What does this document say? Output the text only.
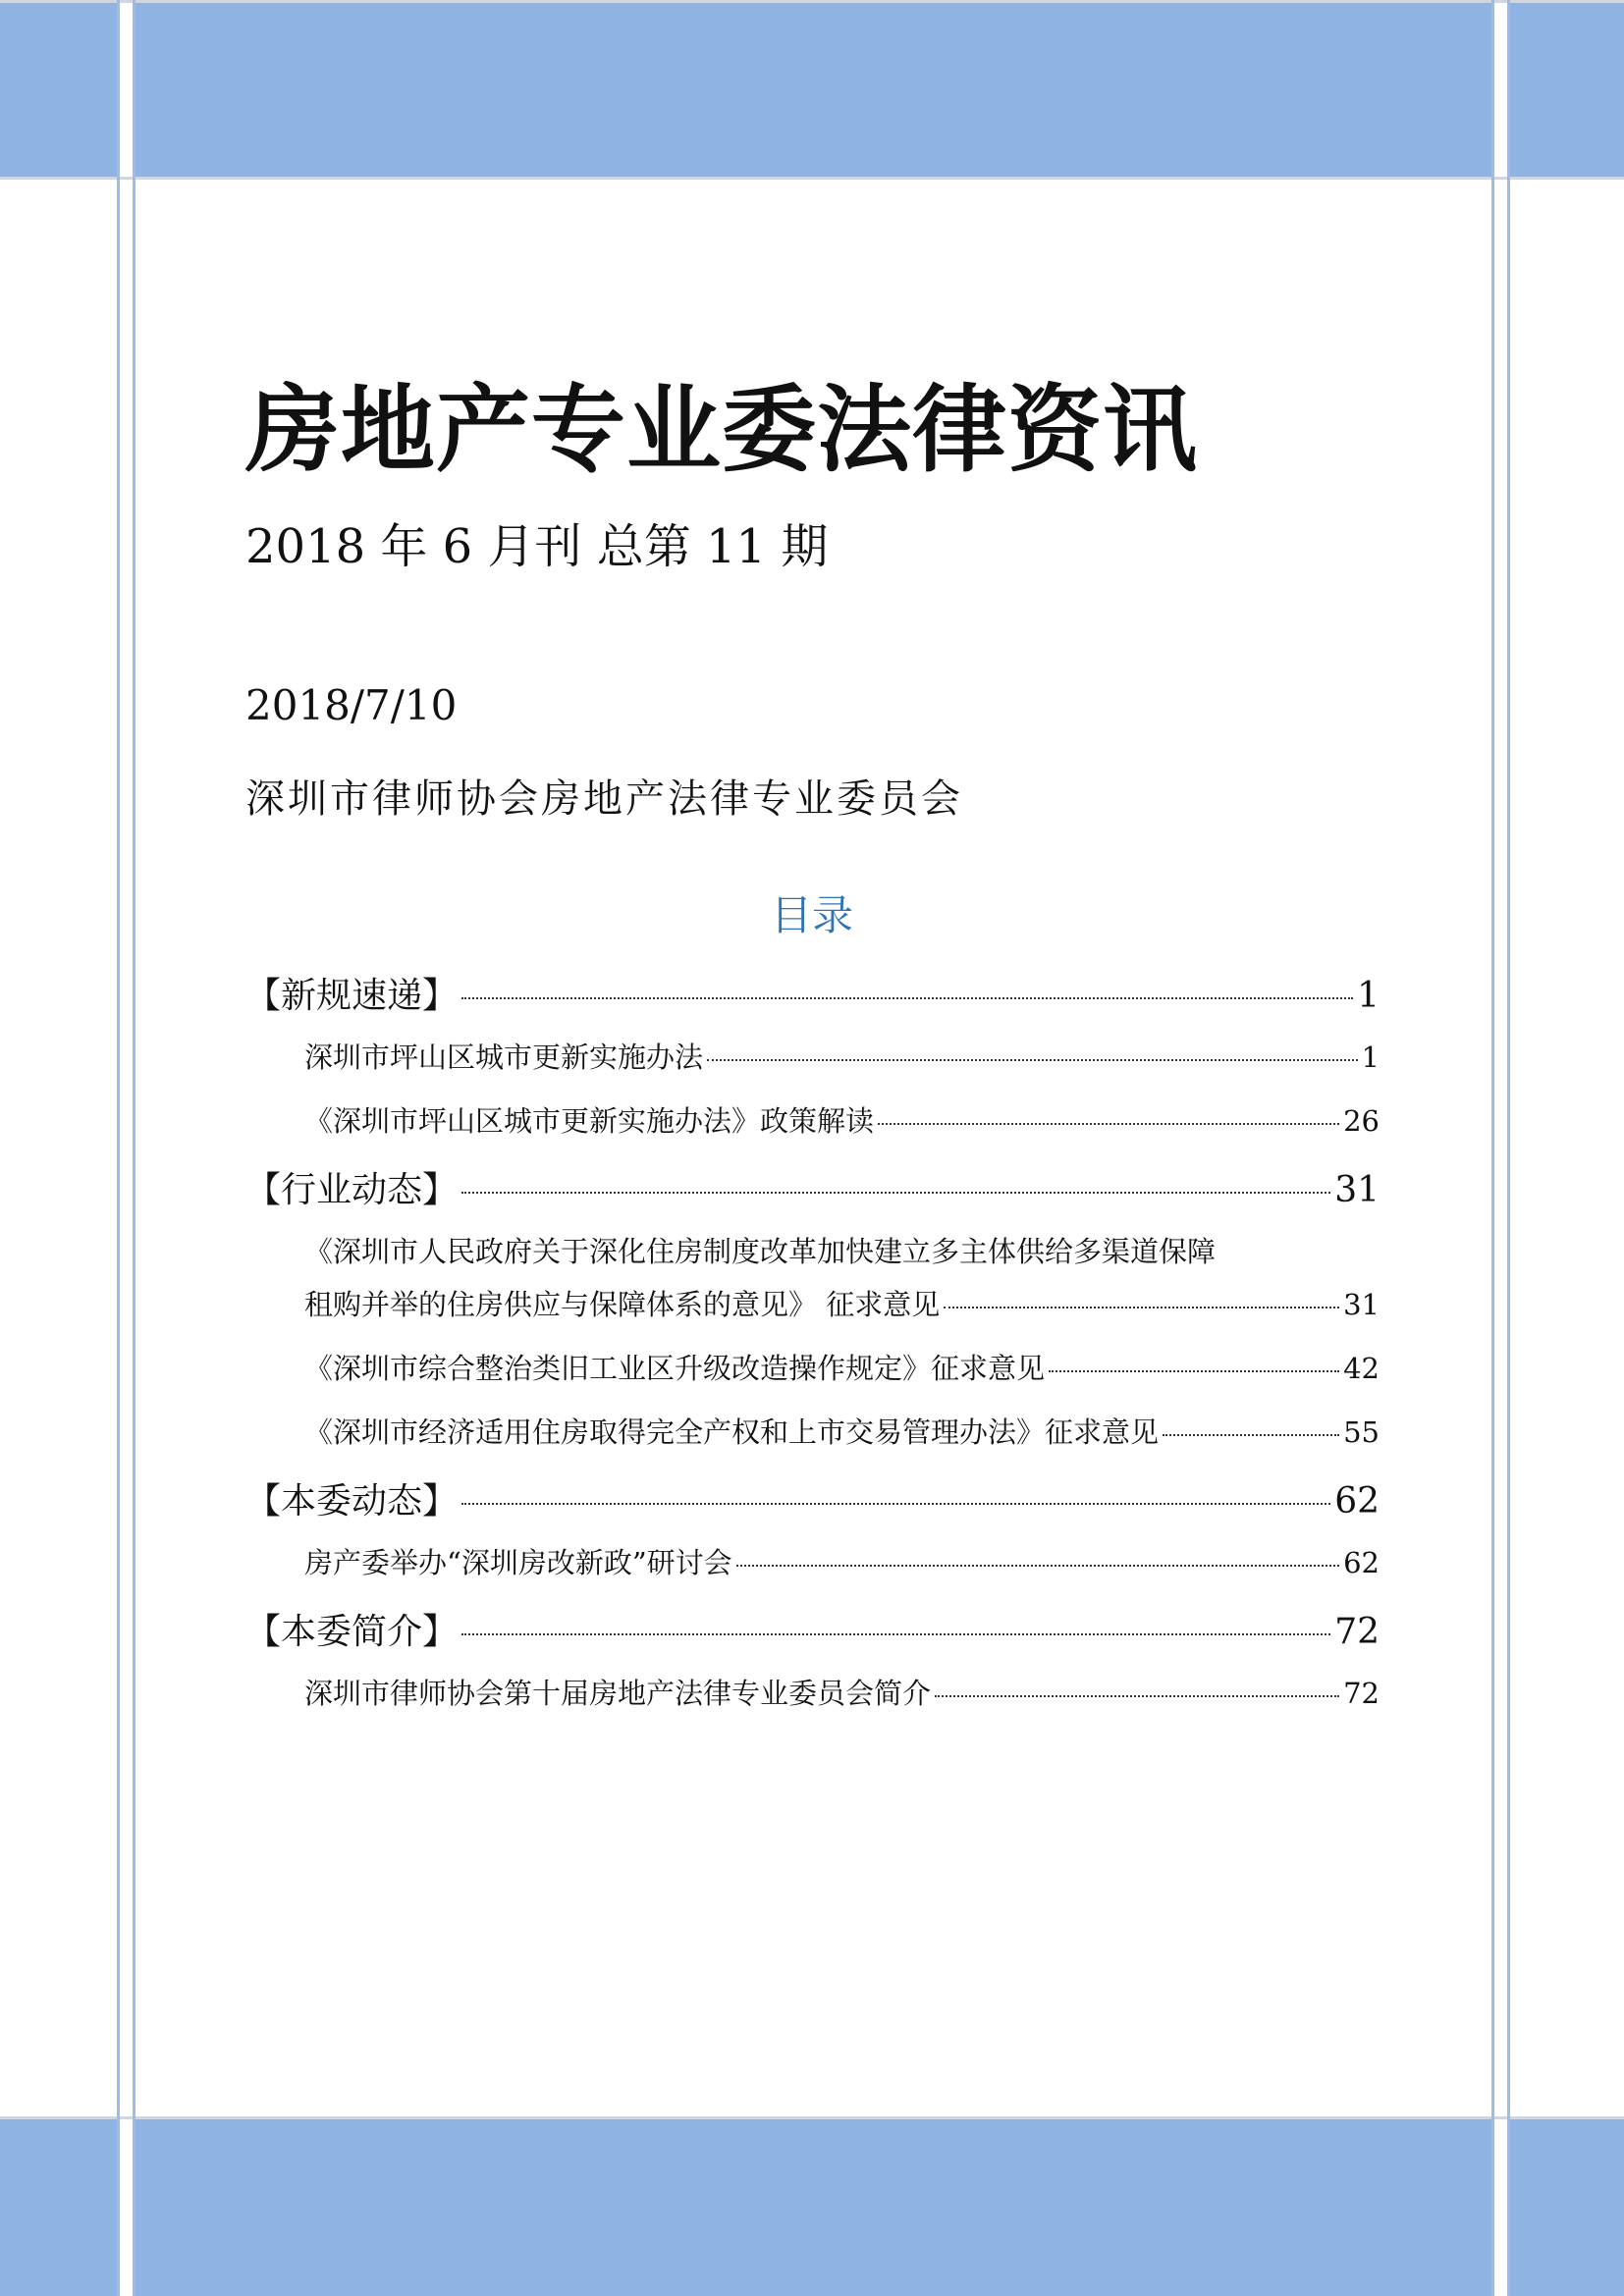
房地产专业委法律资讯
2018 年 6 月刊 总第 11 期
2018/7/10
深圳市律师协会房地产法律专业委员会
目录
【新规速递】	1
深圳市坪山区城市更新实施办法	1
《深圳市坪山区城市更新实施办法》政策解读	26
【行业动态】	31
《深圳市人民政府关于深化住房制度改革加快建立多主体供给多渠道保障
租购并举的住房供应与保障体系的意见》 征求意见	31
《深圳市综合整治类旧工业区升级改造操作规定》征求意见	42
《深圳市经济适用住房取得完全产权和上市交易管理办法》征求意见	55
【本委动态】	62
房产委举办“深圳房改新政”研讨会	62
【本委简介】	72
深圳市律师协会第十届房地产法律专业委员会简介	72
